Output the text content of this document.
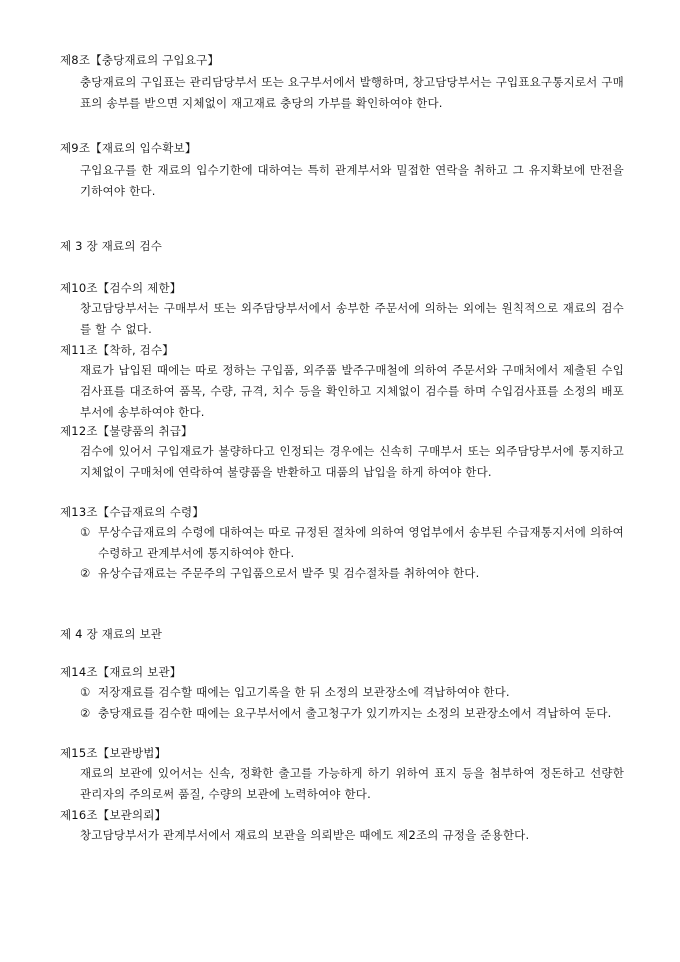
제8조【충당재료의 구입요구】
충당재료의 구입표는 관리담당부서 또는 요구부서에서 발행하며, 창고담당부서는 구입표요구통지로서 구매표의 송부를 받으면 지체없이 재고재료 충당의 가부를 확인하여야 한다.
제9조【재료의 입수확보】
구입요구를 한 재료의 입수기한에 대하여는 특히 관계부서와 밀접한 연락을 취하고 그 유지확보에 만전을 기하여야 한다.
제 3 장 재료의 검수
제10조【검수의 제한】
창고담당부서는 구매부서 또는 외주담당부서에서 송부한 주문서에 의하는 외에는 원칙적으로 재료의 검수를 할 수 없다.
제11조【착하, 검수】
재료가 납입된 때에는 따로 정하는 구입품, 외주품 발주구매철에 의하여 주문서와 구매처에서 제출된 수입검사표를 대조하여 품목, 수량, 규격, 치수 등을 확인하고 지체없이 검수를 하며 수입검사표를 소정의 배포부서에 송부하여야 한다.
제12조【불량품의 취급】
검수에 있어서 구입재료가 불량하다고 인정되는 경우에는 신속히 구매부서 또는 외주담당부서에 통지하고 지체없이 구매처에 연락하여 불량품을 반환하고 대품의 납입을 하게 하여야 한다.
제13조【수급재료의 수령】
① 무상수급재료의 수령에 대하여는 따로 규정된 절차에 의하여 영업부에서 송부된 수급재통지서에 의하여 수령하고 관계부서에 통지하여야 한다.
② 유상수급재료는 주문주의 구입품으로서 발주 및 검수절차를 취하여야 한다.
제 4 장 재료의 보관
제14조【재료의 보관】
① 저장재료를 검수할 때에는 입고기록을 한 뒤 소정의 보관장소에 격납하여야 한다.
② 충당재료를 검수한 때에는 요구부서에서 출고청구가 있기까지는 소정의 보관장소에서 격납하여 둔다.
제15조【보관방법】
재료의 보관에 있어서는 신속, 정확한 출고를 가능하게 하기 위하여 표지 등을 첨부하여 정돈하고 선량한 관리자의 주의로써 품질, 수량의 보관에 노력하여야 한다.
제16조【보관의뢰】
창고담당부서가 관계부서에서 재료의 보관을 의뢰받은 때에도 제2조의 규정을 준용한다.
